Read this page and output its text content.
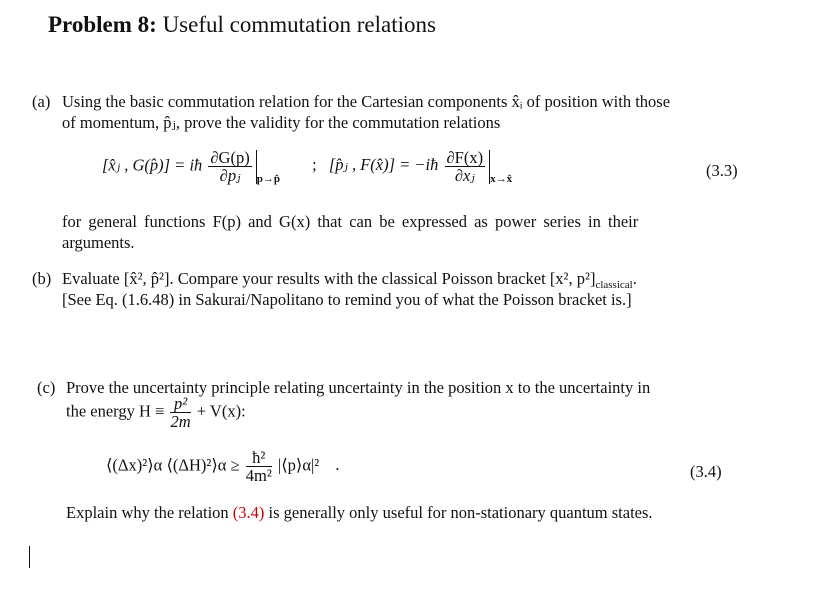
Problem 8: Useful commutation relations
(a) Using the basic commutation relation for the Cartesian components x̂ᵢ of position with those
of momentum, p̂ⱼ, prove the validity for the commutation relations
[x̂ⱼ , G(p̂)] = iħ $\frac{\partial G(p)}{\text{∂pⱼ}} _{p\to p̂}$ ; [p̂ⱼ , F(x̂)] = −iħ $\frac{\partial F(x)}{\text{∂xⱼ}} _{x\to x̂}$	(3.3)
for general functions F(p) and G(x) that can be expressed as power series in their
arguments.
(b) Evaluate [x̂², p̂²]. Compare your results with the classical Poisson bracket [x², $p^2]_{classical}$.
[See Eq. (1.6.48) in Sakurai/Napolitano to remind you of what the Poisson bracket is.]
(c) Prove the uncertainty principle relating uncertainty in the position x to the uncertainty in
the energy $H \equiv \frac{\text{p²}}{2m} + V(x)$:
⟨(Δx)²⟩α ⟨(ΔH)²⟩α ≥ $\frac{\text{ħ²}}{\text{4m²}}$ |⟨p⟩α|² .	(3.4)
Explain why the relation (3.4) is generally only useful for non-stationary quantum states.
